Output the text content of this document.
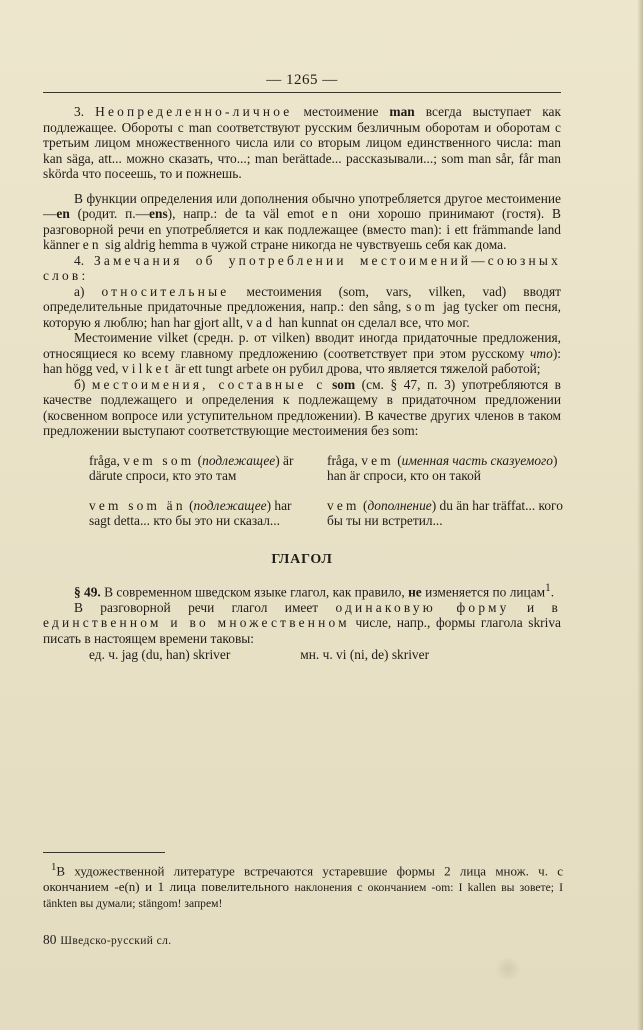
— 1265 —

3. Неопределенно-личное местоимение man всегда выступает как подлежащее. Обороты с man соответствуют русским безличным оборотам и оборотам с третьим лицом множественного числа или со вторым лицом единственного числа: man kan säga, att... можно сказать, что...; man berättade... рассказывали...; som man sår, får man skörda что посеешь, то и пожнешь.

В функции определения или дополнения обычно употребляется другое местоимение—en (родит. п.—ens), напр.: de ta väl emot en они хорошо принимают (гостя). В разговорной речи en употребляется и как подлежащее (вместо man): i ett främmande land känner en sig aldrig hemma в чужой стране никогда не чувствуешь себя как дома.

4. Замечания об употреблении местоимений—союзных слов:

а) относительные местоимения (som, vars, vilken, vad) вводят определительные придаточные предложения, напр.: den sång, som jag tycker om песня, которую я люблю; han har gjort allt, vad han kunnat он сделал все, что мог.

Местоимение vilket (средн. р. от vilken) вводит иногда придаточные предложения, относящиеся ко всему главному предложению (соответствует при этом русскому что): han högg ved, vilket är ett tungt arbete он рубил дрова, что является тяжелой работой;

б) местоимения, составные с som (см. § 47, п. 3) употребляются в качестве подлежащего и определения к подлежащему в придаточном предложении (косвенном вопросе или уступительном предложении). В качестве других членов в таком предложении выступают соответствующие местоимения без som:

fråga, vem som (подлежащее) är därute спроси, кто это там
fråga, vem (именная часть сказуемого) han är спроси, кто он такой
vem som än (подлежащее) har sagt detta... кто бы это ни сказал...
vem (дополнение) du än har träffat... кого бы ты ни встретил...
ГЛАГОЛ

§ 49. В современном шведском языке глагол, как правило, не изменяется по лицам$^1$.

В разговорной речи глагол имеет одинаковую форму и в единственном и во множественном числе, напр., формы глагола skriva писать в настоящем времени таковы:

ед. ч. jag (du, han) skriver	мн. ч. vi (ni, de) skriver

$^1$В художественной литературе встречаются устаревшие формы 2 лица множ. ч. с окончанием -e(n) и 1 лица повелительного наклонения с окончанием -om: I kallen вы зовете; I tänkten вы думали; stängom! запрем!

80 Шведско-русский сл.
